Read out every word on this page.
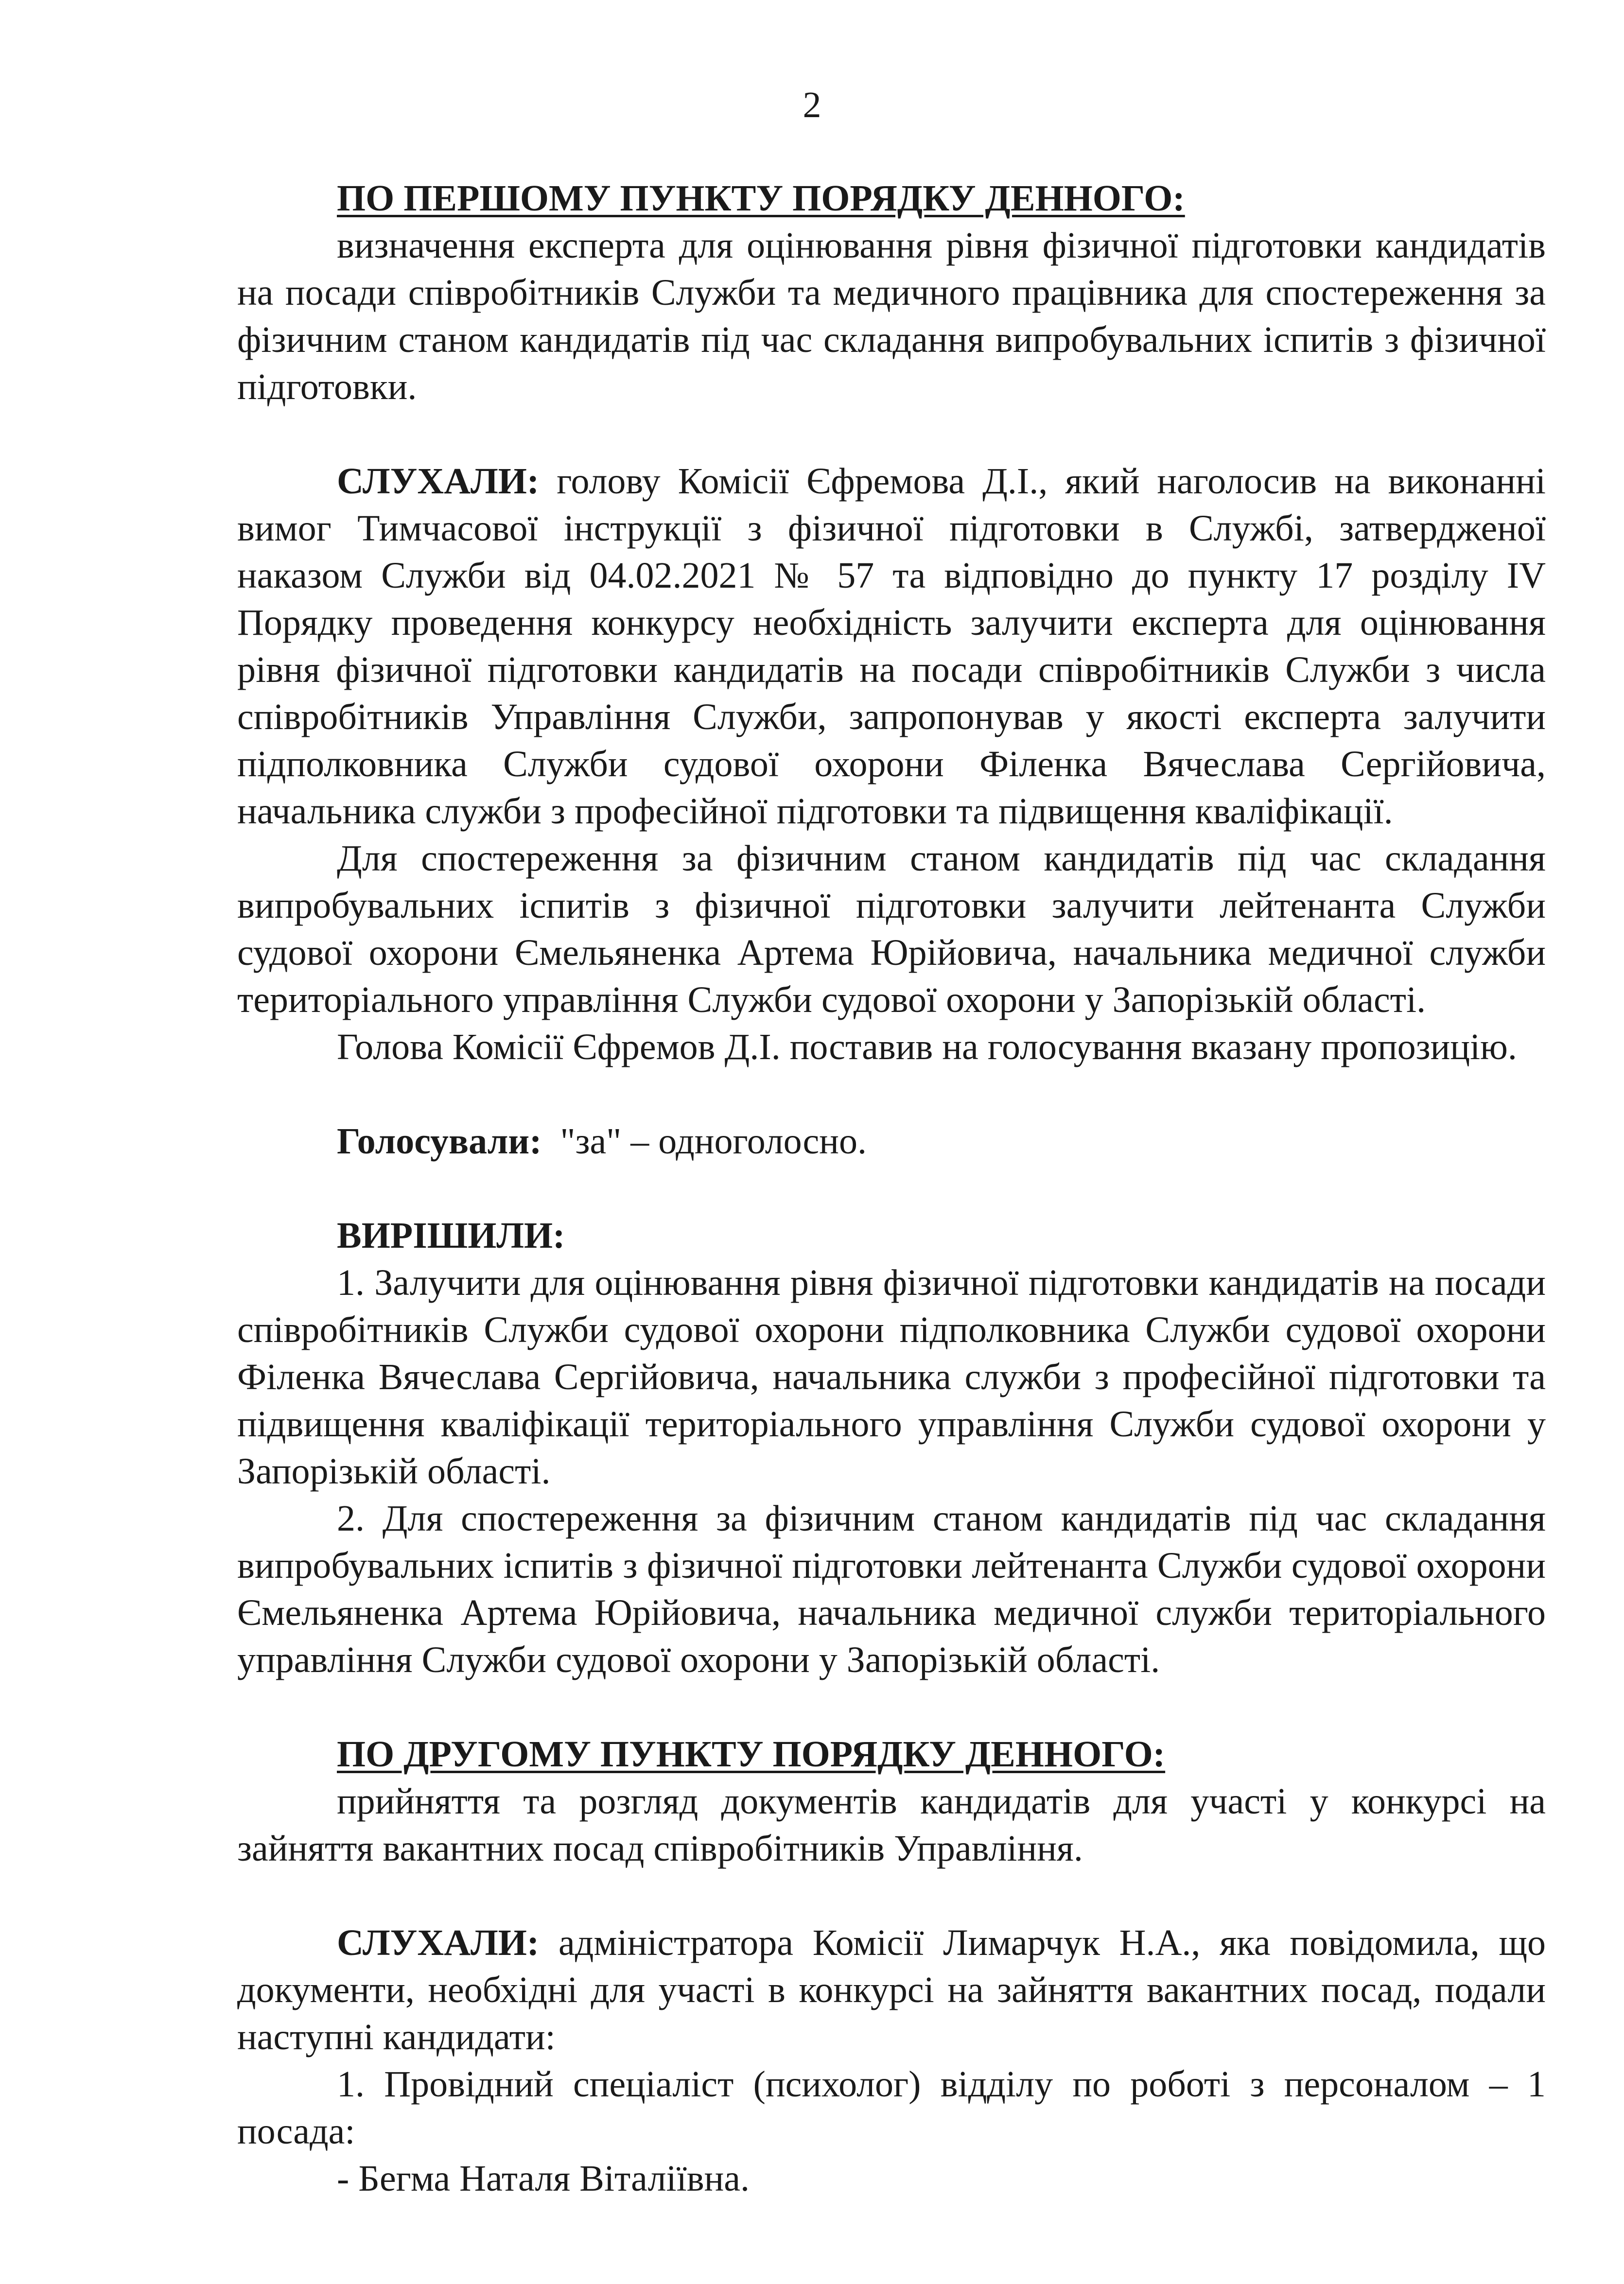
2
ПО ПЕРШОМУ ПУНКТУ ПОРЯДКУ ДЕННОГО:

визначення експерта для оцінювання рівня фізичної підготовки кандидатів на посади співробітників Служби та медичного працівника для спостереження за фізичним станом кандидатів під час складання випробувальних іспитів з фізичної підготовки.

СЛУХАЛИ: голову Комісії Єфремова Д.І., який наголосив на виконанні вимог Тимчасової інструкції з фізичної підготовки в Службі, затвердженої наказом Служби від 04.02.2021 № 57 та відповідно до пункту 17 розділу IV Порядку проведення конкурсу необхідність залучити експерта для оцінювання рівня фізичної підготовки кандидатів на посади співробітників Служби з числа співробітників Управління Служби, запропонував у якості експерта залучити підполковника Служби судової охорони Філенка Вячеслава Сергійовича, начальника служби з професійної підготовки та підвищення кваліфікації.

Для спостереження за фізичним станом кандидатів під час складання випробувальних іспитів з фізичної підготовки залучити лейтенанта Служби судової охорони Ємельяненка Артема Юрійовича, начальника медичної служби територіального управління Служби судової охорони у Запорізькій області.

Голова Комісії Єфремов Д.І. поставив на голосування вказану пропозицію.

Голосували:  "за" – одноголосно.

ВИРІШИЛИ:

1. Залучити для оцінювання рівня фізичної підготовки кандидатів на посади співробітників Служби судової охорони підполковника Служби судової охорони Філенка Вячеслава Сергійовича, начальника служби з професійної підготовки та підвищення кваліфікації територіального управління Служби судової охорони у Запорізькій області.

2. Для спостереження за фізичним станом кандидатів під час складання випробувальних іспитів з фізичної підготовки лейтенанта Служби судової охорони Ємельяненка Артема Юрійовича, начальника медичної служби територіального управління Служби судової охорони у Запорізькій області.

ПО ДРУГОМУ ПУНКТУ ПОРЯДКУ ДЕННОГО:

прийняття та розгляд документів кандидатів для участі у конкурсі на зайняття вакантних посад співробітників Управління.

СЛУХАЛИ: адміністратора Комісії Лимарчук Н.А., яка повідомила, що документи, необхідні для участі в конкурсі на зайняття вакантних посад, подали наступні кандидати:

1. Провідний спеціаліст (психолог) відділу по роботі з персоналом – 1 посада:

- Бегма Наталя Віталіївна.
